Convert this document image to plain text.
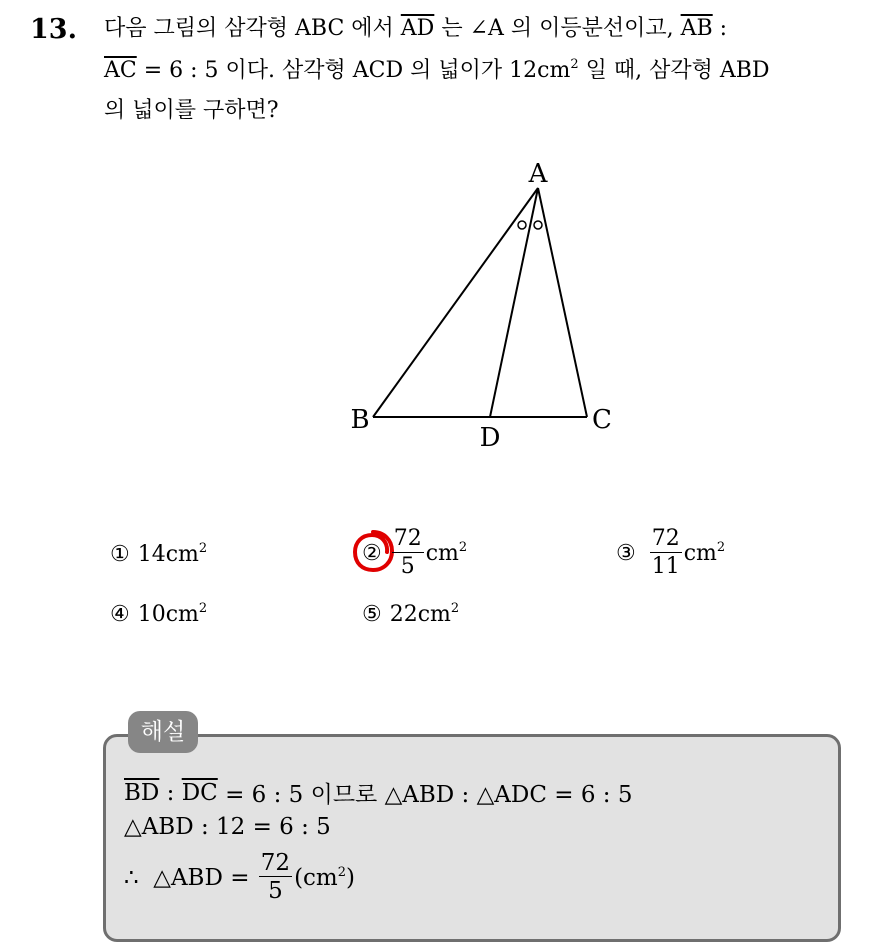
13. 다음 그림의 삼각형 ABC 에서 $\overline{AD}$ 는 ∠A 의 이등분선이고, $\overline{AB}$ :
$\overline{AC} = 6$ : 5 이다. 삼각형 ACD 의 넓이가 $12cm^2$ 일 때, 삼각형 ABD
의 넓이를 구하면?
A
B	C
D
① $14cm^2$	② $\frac{72}{5} cm^2$	③ $\frac{72}{11} cm^2$
④ $10cm^2$	⑤ $22cm^2$
해설
$\overline{BD}$ : $\overline{DC} = 6$ : 5 이므로 △ABD : △ADC = 6 : 5
△ABD : 12 = 6 : 5
∴  △ABD = $\frac{72}{5} (cm^2)$
